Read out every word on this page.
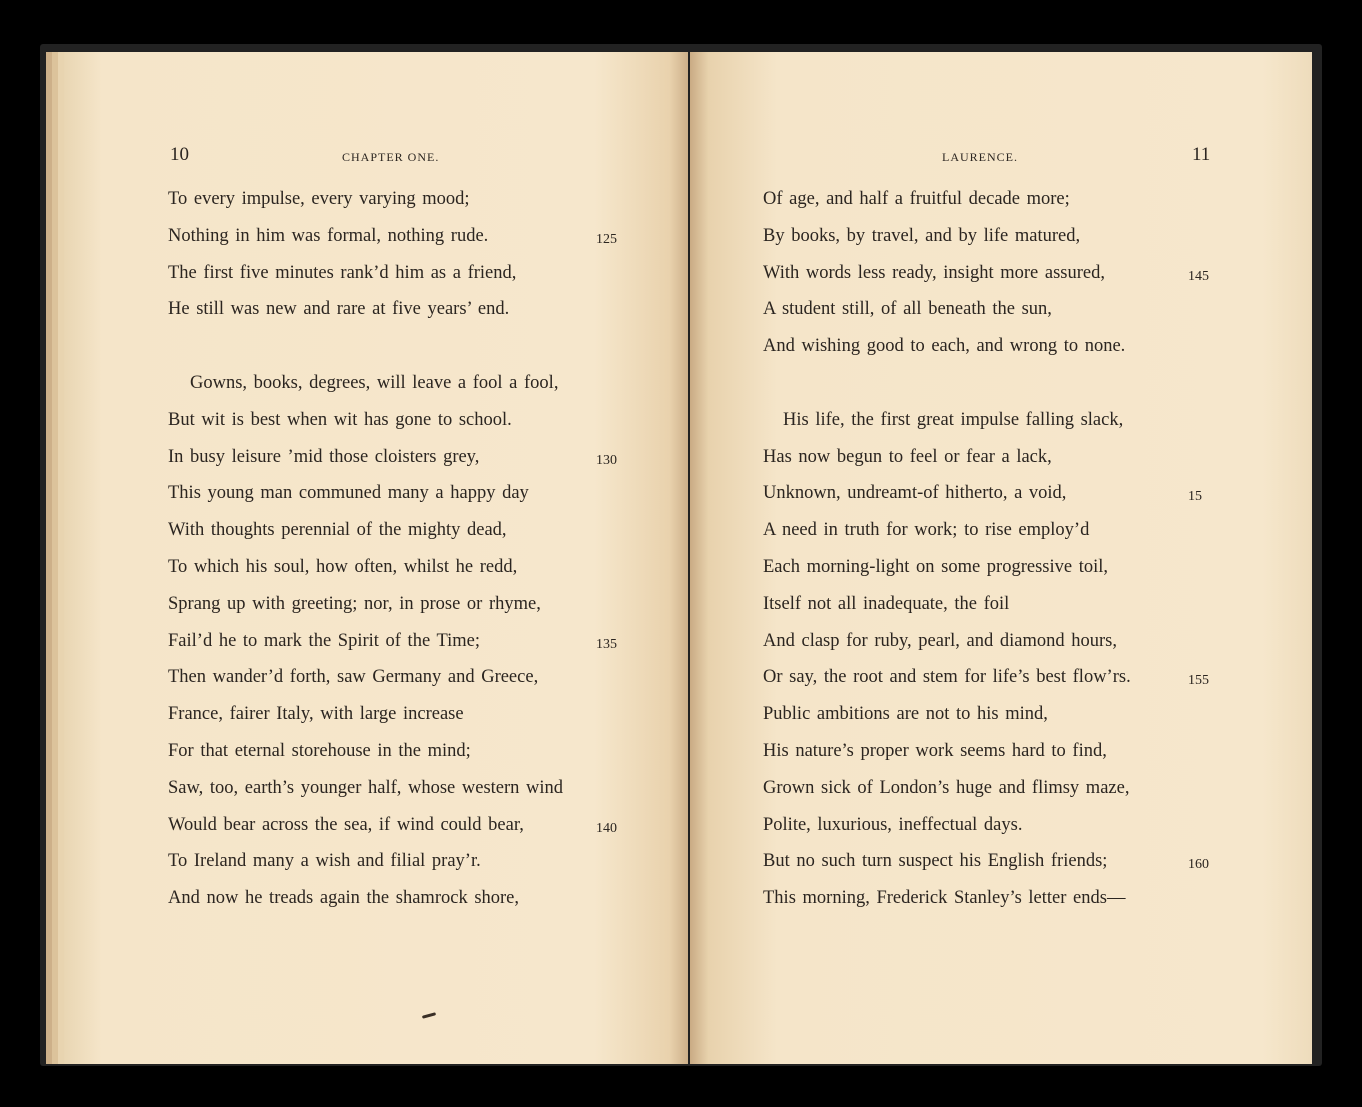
10	CHAPTER ONE.
To every impulse, every varying mood;
Nothing in him was formal, nothing rude.	125
The first five minutes rank’d him as a friend,
He still was new and rare at five years’ end.
Gowns, books, degrees, will leave a fool a fool,
But wit is best when wit has gone to school.
In busy leisure ’mid those cloisters grey,	130
This young man communed many a happy day
With thoughts perennial of the mighty dead,
To which his soul, how often, whilst he redd,
Sprang up with greeting; nor, in prose or rhyme,
Fail’d he to mark the Spirit of the Time;	135
Then wander’d forth, saw Germany and Greece,
France, fairer Italy, with large increase
For that eternal storehouse in the mind;
Saw, too, earth’s younger half, whose western wind
Would bear across the sea, if wind could bear,	140
To Ireland many a wish and filial pray’r.
And now he treads again the shamrock shore,
LAURENCE.	11
Of age, and half a fruitful decade more;
By books, by travel, and by life matured,
With words less ready, insight more assured,	145
A student still, of all beneath the sun,
And wishing good to each, and wrong to none.
His life, the first great impulse falling slack,
Has now begun to feel or fear a lack,
Unknown, undreamt-of hitherto, a void,	15
A need in truth for work; to rise employ’d
Each morning-light on some progressive toil,
Itself not all inadequate, the foil
And clasp for ruby, pearl, and diamond hours,
Or say, the root and stem for life’s best flow’rs.	155
Public ambitions are not to his mind,
His nature’s proper work seems hard to find,
Grown sick of London’s huge and flimsy maze,
Polite, luxurious, ineffectual days.
But no such turn suspect his English friends;	160
This morning, Frederick Stanley’s letter ends—
